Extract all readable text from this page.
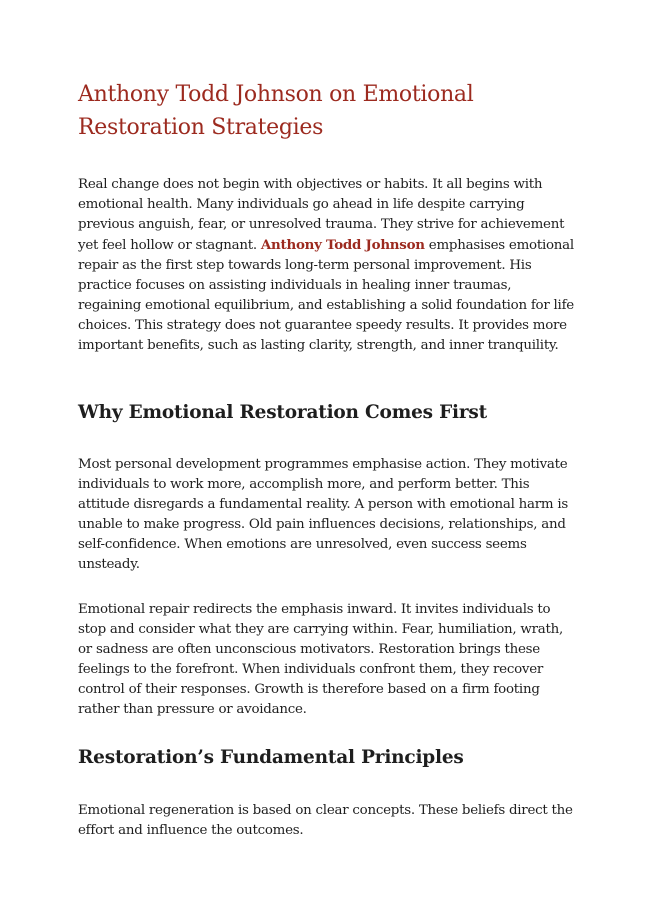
Anthony Todd Johnson on Emotional Restoration Strategies

Real change does not begin with objectives or habits. It all begins with emotional health. Many individuals go ahead in life despite carrying previous anguish, fear, or unresolved trauma. They strive for achievement yet feel hollow or stagnant. Anthony Todd Johnson emphasises emotional repair as the first step towards long-term personal improvement. His practice focuses on assisting individuals in healing inner traumas, regaining emotional equilibrium, and establishing a solid foundation for life choices. This strategy does not guarantee speedy results. It provides more important benefits, such as lasting clarity, strength, and inner tranquility.

Why Emotional Restoration Comes First

Most personal development programmes emphasise action. They motivate individuals to work more, accomplish more, and perform better. This attitude disregards a fundamental reality. A person with emotional harm is unable to make progress. Old pain influences decisions, relationships, and self-confidence. When emotions are unresolved, even success seems unsteady.

Emotional repair redirects the emphasis inward. It invites individuals to stop and consider what they are carrying within. Fear, humiliation, wrath, or sadness are often unconscious motivators. Restoration brings these feelings to the forefront. When individuals confront them, they recover control of their responses. Growth is therefore based on a firm footing rather than pressure or avoidance.

Restoration’s Fundamental Principles

Emotional regeneration is based on clear concepts. These beliefs direct the effort and influence the outcomes.
